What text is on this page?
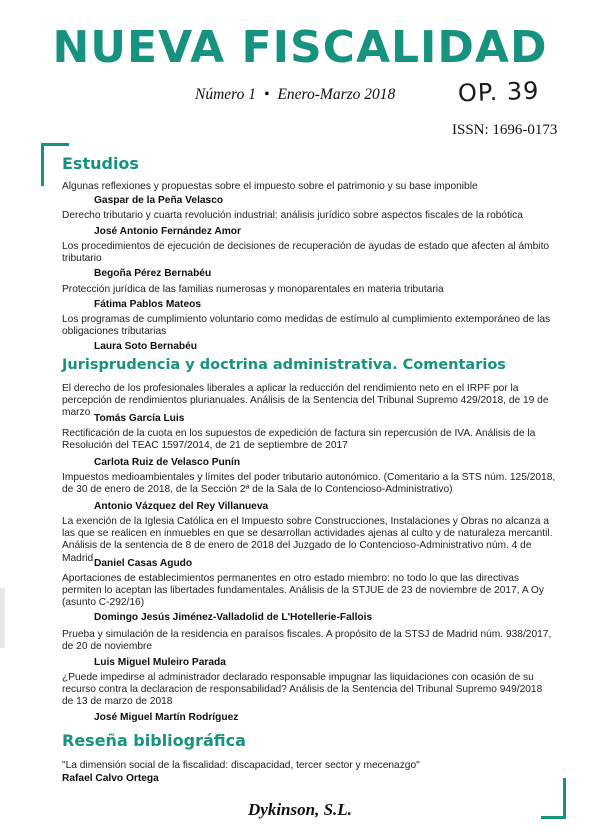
NUEVA FISCALIDAD
Número 1 • Enero-Marzo 2018	OP. 39
ISSN: 1696-0173
Estudios
Algunas reflexiones y propuestas sobre el impuesto sobre el patrimonio y su base imponible
Gaspar de la Peña Velasco
Derecho tributario y cuarta revolución industrial: análisis jurídico sobre aspectos fiscales de la robótica
José Antonio Fernández Amor
Los procedimientos de ejecución de decisiones de recuperación de ayudas de estado que afecten al ámbito tributario
Begoña Pérez Bernabéu
Protección jurídica de las familias numerosas y monoparentales en materia tributaria
Fátima Pablos Mateos
Los programas de cumplimiento voluntario como medidas de estímulo al cumplimiento extemporáneo de las obligaciones tributarias
Laura Soto Bernabéu
Jurisprudencia y doctrina administrativa. Comentarios
El derecho de los profesionales liberales a aplicar la reducción del rendimiento neto en el IRPF por la percepción de rendimientos plurianuales. Análisis de la Sentencia del Tribunal Supremo 429/2018, de 19 de marzo
Tomás García Luis
Rectificación de la cuota en los supuestos de expedición de factura sin repercusión de IVA. Análisis de la Resolución del TEAC 1597/2014, de 21 de septiembre de 2017
Carlota Ruiz de Velasco Punín
Impuestos medioambientales y límites del poder tributario autonómico. (Comentario a la STS núm. 125/2018, de 30 de enero de 2018, de la Sección 2ª de la Sala de lo Contencioso-Administrativo)
Antonio Vázquez del Rey Villanueva
La exención de la Iglesia Católica en el Impuesto sobre Construcciones, Instalaciones y Obras no alcanza a las que se realicen en inmuebles en que se desarrollan actividades ajenas al culto y de naturaleza mercantil. Análisis de la sentencia de 8 de enero de 2018 del Juzgado de lo Contencioso-Administrativo núm. 4 de Madrid Daniel Casas Agudo
Aportaciones de establecimientos permanentes en otro estado miembro: no todo lo que las directivas permiten lo aceptan las libertades fundamentales. Análisis de la STJUE de 23 de noviembre de 2017, A Oy (asunto C-292/16)
Domingo Jesús Jiménez-Valladolid de L'Hotellerie-Fallois
Prueba y simulación de la residencia en paraísos fiscales. A propósito de la STSJ de Madrid núm. 938/2017, de 20 de noviembre
Luis Miguel Muleiro Parada
¿Puede impedirse al administrador declarado responsable impugnar las liquidaciones con ocasión de su recurso contra la declaracion de responsabilidad? Análisis de la Sentencia del Tribunal Supremo 949/2018 de 13 de marzo de 2018
José Miguel Martín Rodríguez
Reseña bibliográfica
"La dimensión social de la fiscalidad: discapacidad, tercer sector y mecenazgo"
Rafael Calvo Ortega
Dykinson, S.L.
